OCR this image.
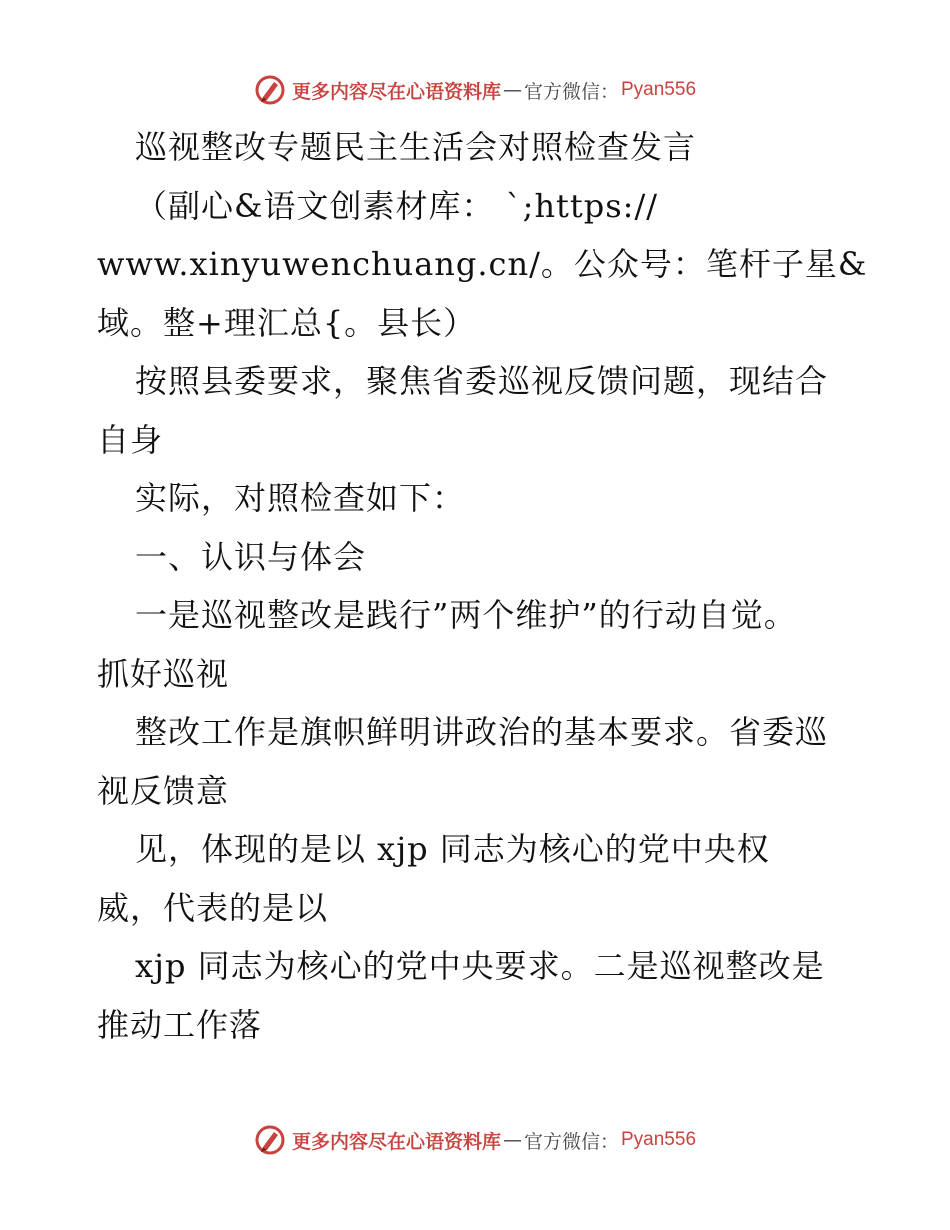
更多内容尽在心语资料库 — 官方微信： Pyan556
巡视整改专题民主生活会对照检查发言
（副心&语文创素材库： `;https://
www.xinyuwenchuang.cn/。公众号：笔杆子星&
域。整+理汇总{。县长）
按照县委要求，聚焦省委巡视反馈问题，现结合
自身
实际，对照检查如下：
一、认识与体会
一是巡视整改是践行”两个维护”的行动自觉。
抓好巡视
整改工作是旗帜鲜明讲政治的基本要求。省委巡
视反馈意
见，体现的是以 xjp 同志为核心的党中央权
威，代表的是以
xjp 同志为核心的党中央要求。二是巡视整改是
推动工作落
更多内容尽在心语资料库 — 官方微信： Pyan556
